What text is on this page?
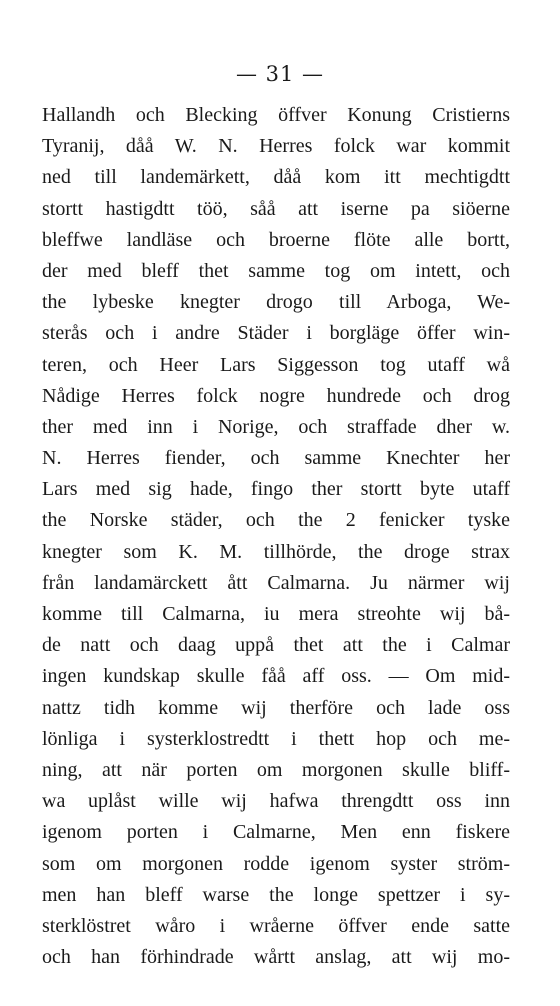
— 31 —
Hallandh och Blecking öffver Konung Cristierns
Tyranij, dåå W. N. Herres folck war kommit
ned till landemärkett, dåå kom itt mechtigdtt
stortt hastigdtt töö, såå att iserne pa siöerne
bleffwe landläse och broerne flöte alle bortt,
der med bleff thet samme tog om intett, och
the lybeske knegter drogo till Arboga, We-
sterås och i andre Städer i borgläge öffer win-
teren, och Heer Lars Siggesson tog utaff wå
Nådige Herres folck nogre hundrede och drog
ther med inn i Norige, och straffade dher w.
N. Herres fiender, och samme Knechter her
Lars med sig hade, fingo ther stortt byte utaff
the Norske städer, och the 2 fenicker tyske
knegter som K. M. tillhörde, the droge strax
från landamärckett ått Calmarna. Ju närmer wij
komme till Calmarna, iu mera streohte wij bå-
de natt och daag uppå thet att the i Calmar
ingen kundskap skulle fåå aff oss. — Om mid-
nattz tidh komme wij therföre och lade oss
lönliga i systerklostredtt i thett hop och me-
ning, att när porten om morgonen skulle bliff-
wa uplåst wille wij hafwa threngdtt oss inn
igenom porten i Calmarne, Men enn fiskere
som om morgonen rodde igenom syster ström-
men han bleff warse the longe spettzer i sy-
sterklöstret wåro i wråerne öffver ende satte
och han förhindrade wårtt anslag, att wij mo-
